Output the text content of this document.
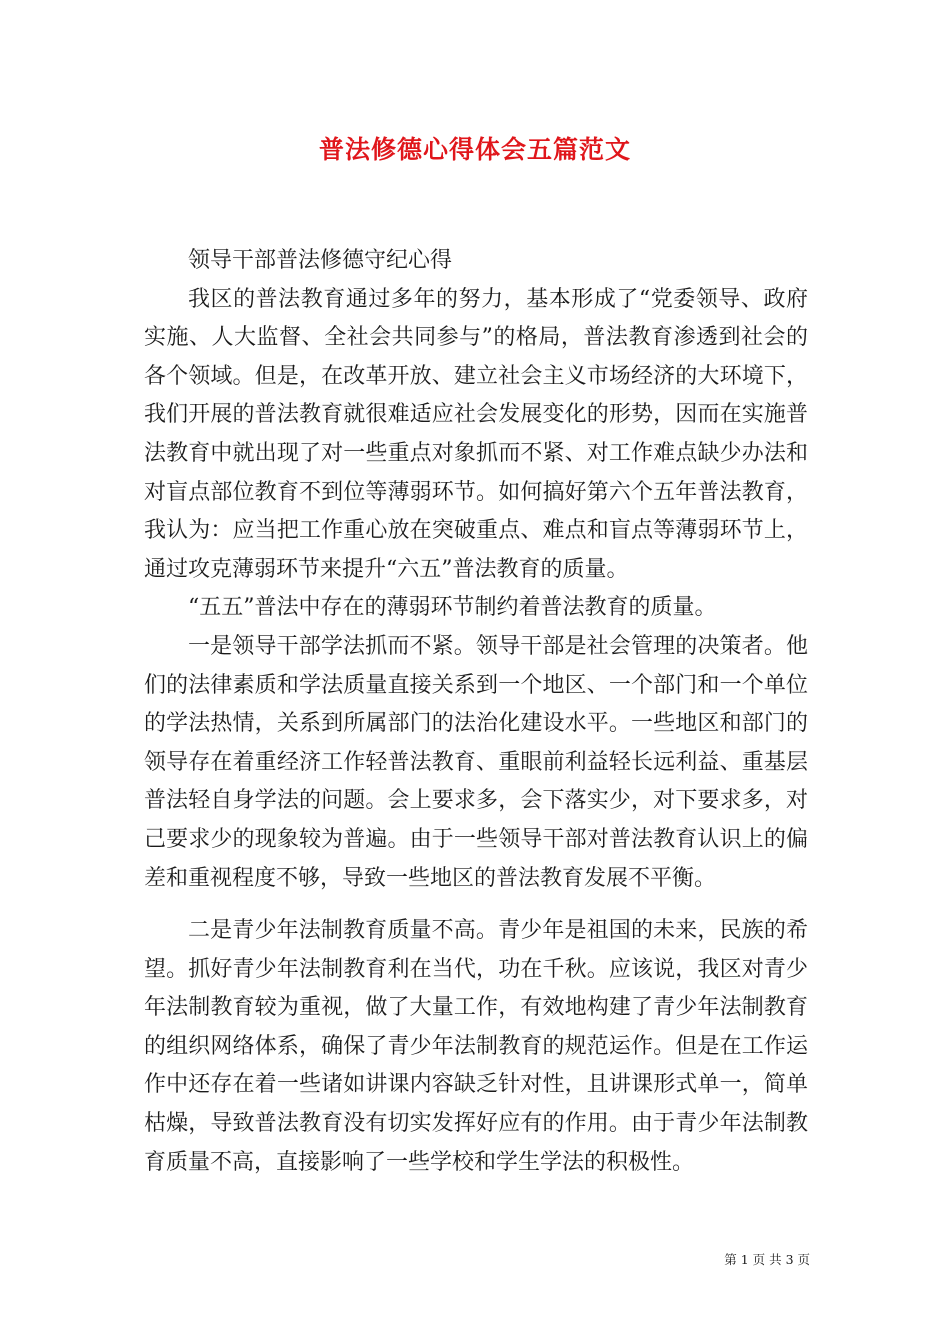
普法修德心得体会五篇范文

领导干部普法修德守纪心得

我区的普法教育通过多年的努力，基本形成了“党委领导、政府实施、人大监督、全社会共同参与”的格局，普法教育渗透到社会的各个领域。但是，在改革开放、建立社会主义市场经济的大环境下，我们开展的普法教育就很难适应社会发展变化的形势，因而在实施普法教育中就出现了对一些重点对象抓而不紧、对工作难点缺少办法和对盲点部位教育不到位等薄弱环节。如何搞好第六个五年普法教育，我认为：应当把工作重心放在突破重点、难点和盲点等薄弱环节上，通过攻克薄弱环节来提升“六五”普法教育的质量。

“五五”普法中存在的薄弱环节制约着普法教育的质量。

一是领导干部学法抓而不紧。领导干部是社会管理的决策者。他们的法律素质和学法质量直接关系到一个地区、一个部门和一个单位的学法热情，关系到所属部门的法治化建设水平。一些地区和部门的领导存在着重经济工作轻普法教育、重眼前利益轻长远利益、重基层普法轻自身学法的问题。会上要求多，会下落实少，对下要求多，对己要求少的现象较为普遍。由于一些领导干部对普法教育认识上的偏差和重视程度不够，导致一些地区的普法教育发展不平衡。

二是青少年法制教育质量不高。青少年是祖国的未来，民族的希望。抓好青少年法制教育利在当代，功在千秋。应该说，我区对青少年法制教育较为重视，做了大量工作，有效地构建了青少年法制教育的组织网络体系，确保了青少年法制教育的规范运作。但是在工作运作中还存在着一些诸如讲课内容缺乏针对性，且讲课形式单一，简单枯燥，导致普法教育没有切实发挥好应有的作用。由于青少年法制教育质量不高，直接影响了一些学校和学生学法的积极性。

第 1 页 共 3 页
